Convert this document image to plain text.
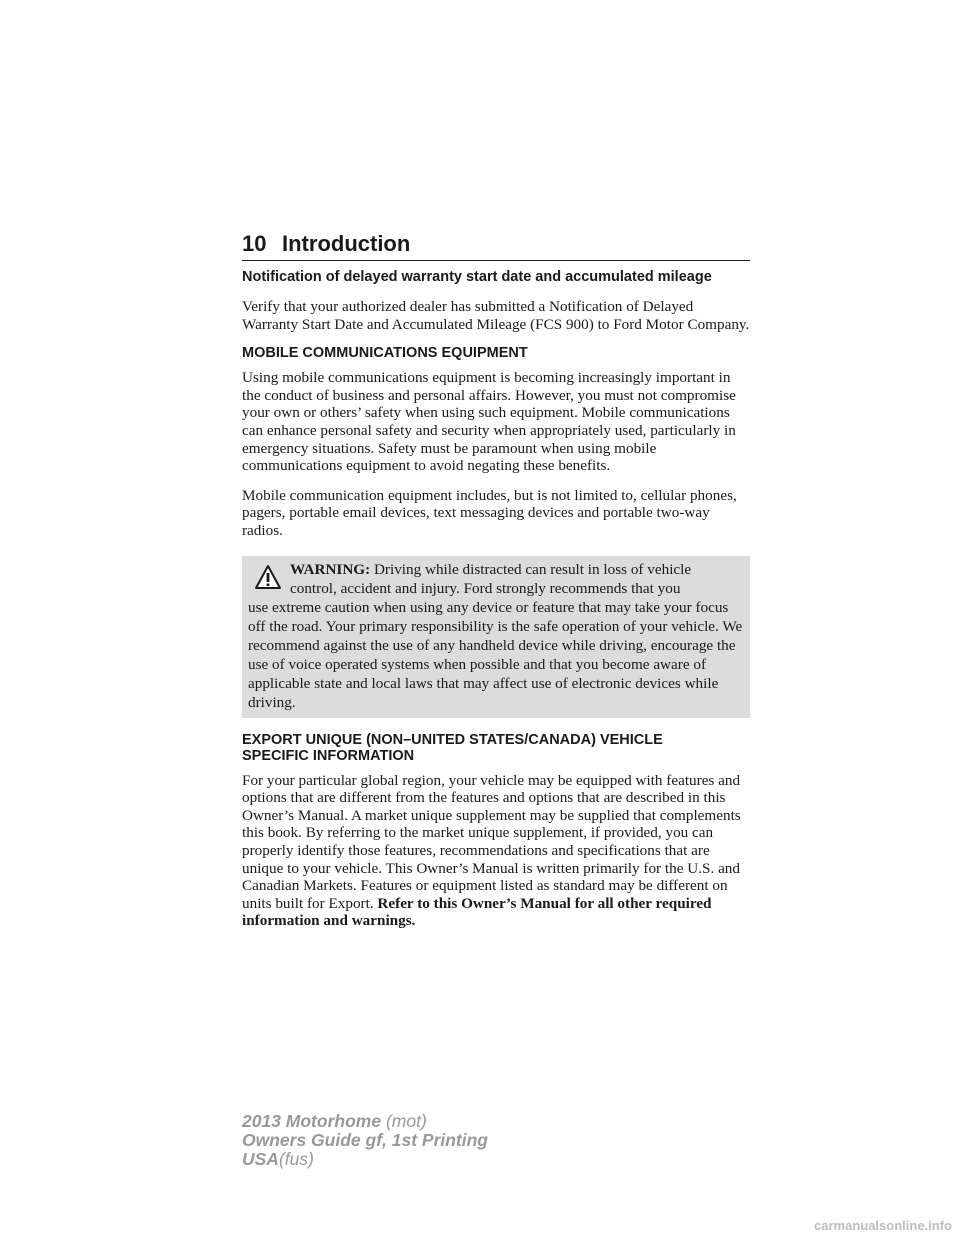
10 Introduction
Notification of delayed warranty start date and accumulated mileage

Verify that your authorized dealer has submitted a Notification of Delayed Warranty Start Date and Accumulated Mileage (FCS 900) to Ford Motor Company.

MOBILE COMMUNICATIONS EQUIPMENT

Using mobile communications equipment is becoming increasingly important in the conduct of business and personal affairs. However, you must not compromise your own or others’ safety when using such equipment. Mobile communications can enhance personal safety and security when appropriately used, particularly in emergency situations. Safety must be paramount when using mobile communications equipment to avoid negating these benefits.

Mobile communication equipment includes, but is not limited to, cellular phones, pagers, portable email devices, text messaging devices and portable two-way radios.

WARNING: Driving while distracted can result in loss of vehicle
control, accident and injury. Ford strongly recommends that you
use extreme caution when using any device or feature that may take your focus off the road. Your primary responsibility is the safe operation of your vehicle. We recommend against the use of any handheld device while driving, encourage the use of voice operated systems when possible and that you become aware of applicable state and local laws that may affect use of electronic devices while driving.
EXPORT UNIQUE (NON–UNITED STATES/CANADA) VEHICLE
SPECIFIC INFORMATION

For your particular global region, your vehicle may be equipped with features and options that are different from the features and options that are described in this Owner’s Manual. A market unique supplement may be supplied that complements this book. By referring to the market unique supplement, if provided, you can properly identify those features, recommendations and specifications that are unique to your vehicle. This Owner’s Manual is written primarily for the U.S. and Canadian Markets. Features or equipment listed as standard may be different on units built for Export. Refer to this Owner’s Manual for all other required information and warnings.

2013 Motorhome (mot)
Owners Guide gf, 1st Printing
USA(fus)
carmanualsonline.info
